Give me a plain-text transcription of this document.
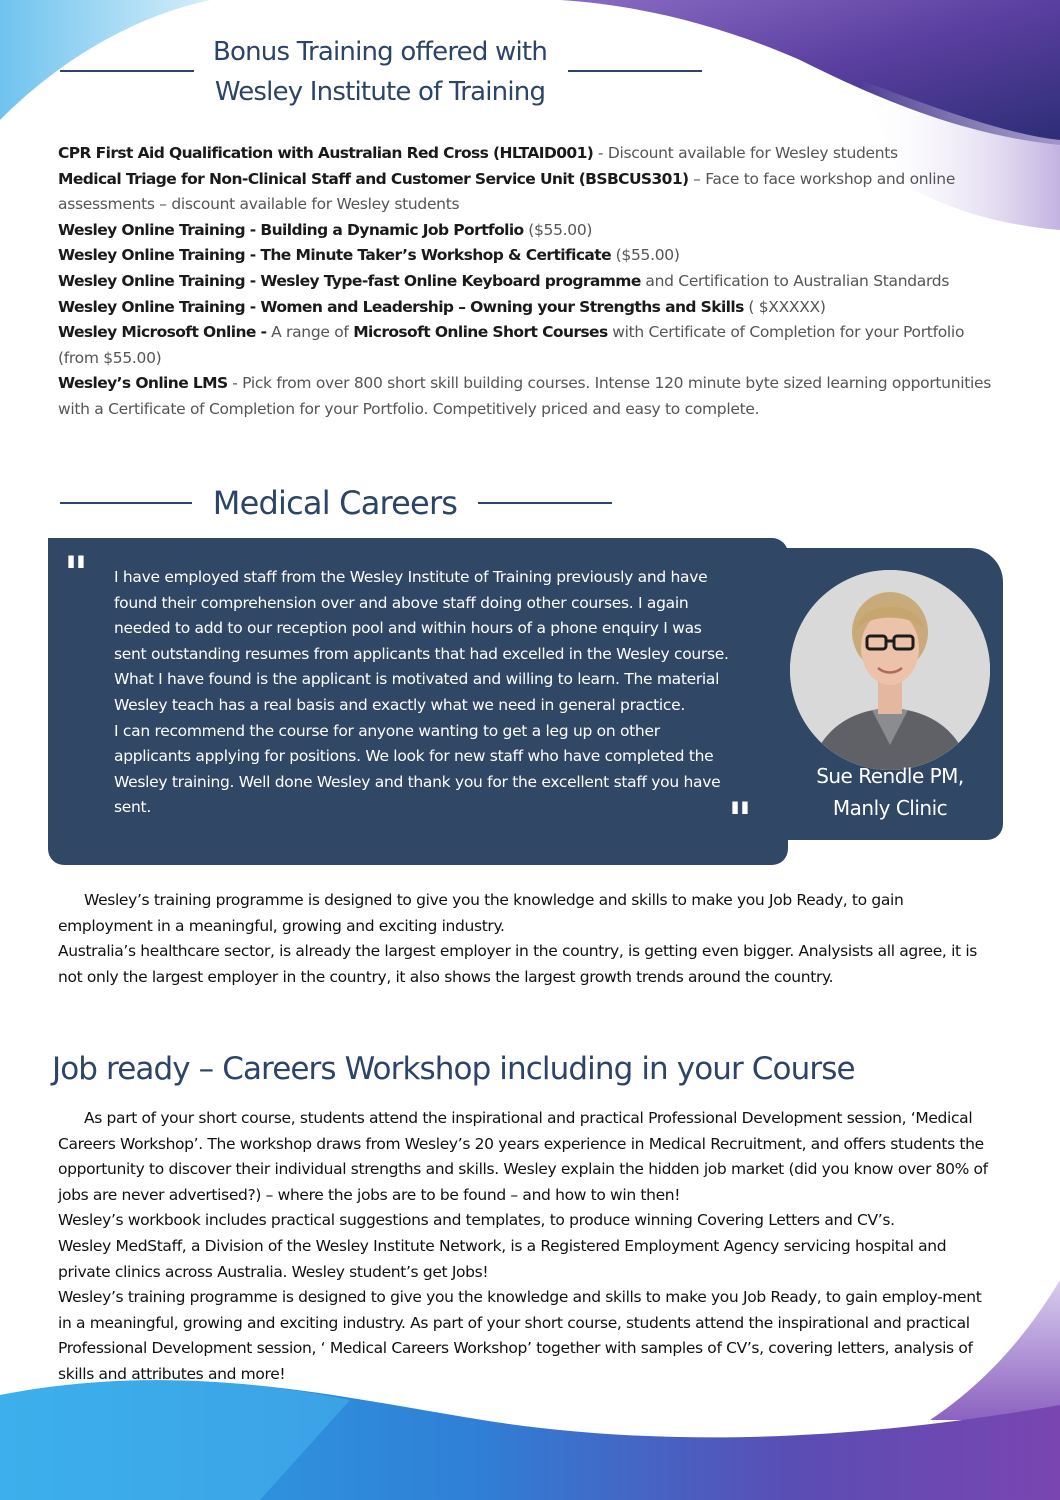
Bonus Training offered with
Wesley Institute of Training

CPR First Aid Qualification with Australian Red Cross (HLTAID001) - Discount available for Wesley students

Medical Triage for Non-Clinical Staff and Customer Service Unit (BSBCUS301) – Face to face workshop and online assessments – discount available for Wesley students

Wesley Online Training - Building a Dynamic Job Portfolio ($55.00)

Wesley Online Training - The Minute Taker’s Workshop & Certificate ($55.00)

Wesley Online Training - Wesley Type-fast Online Keyboard programme and Certification to Australian Standards

Wesley Online Training - Women and Leadership – Owning your Strengths and Skills ( $XXXXX)

Wesley Microsoft Online - A range of Microsoft Online Short Courses with Certificate of Completion for your Portfolio (from $55.00)

Wesley’s Online LMS - Pick from over 800 short skill building courses. Intense 120 minute byte sized learning opportunities with a Certificate of Completion for your Portfolio. Competitively priced and easy to complete.

Medical Careers
" I have employed staff from the Wesley Institute of Training previously and have found their comprehension over and above staff doing other courses. I again needed to add to our reception pool and within hours of a phone enquiry I was sent outstanding resumes from applicants that had excelled in the Wesley course. What I have found is the applicant is motivated and willing to learn. The material Wesley teach has a real basis and exactly what we need in general practice.

I can recommend the course for anyone wanting to get a leg up on other applicants applying for positions. We look for new staff who have completed the Wesley training. Well done Wesley and thank you for the excellent staff you have sent.	"
Sue Rendle PM,
Manly Clinic

Wesley’s training programme is designed to give you the knowledge and skills to make you Job Ready, to gain employment in a meaningful, growing and exciting industry.

Australia’s healthcare sector, is already the largest employer in the country, is getting even bigger. Analysists all agree, it is not only the largest employer in the country, it also shows the largest growth trends around the country.

Job ready – Careers Workshop including in your Course

As part of your short course, students attend the inspirational and practical Professional Development session, ‘Medical Careers Workshop’. The workshop draws from Wesley’s 20 years experience in Medical Recruitment, and offers students the opportunity to discover their individual strengths and skills. Wesley explain the hidden job market (did you know over 80% of jobs are never advertised?) – where the jobs are to be found – and how to win then!

Wesley’s workbook includes practical suggestions and templates, to produce winning Covering Letters and CV’s.

Wesley MedStaff, a Division of the Wesley Institute Network, is a Registered Employment Agency servicing hospital and private clinics across Australia. Wesley student’s get Jobs!

Wesley’s training programme is designed to give you the knowledge and skills to make you Job Ready, to gain employ-ment in a meaningful, growing and exciting industry. As part of your short course, students attend the inspirational and practical Professional Development session, ‘ Medical Careers Workshop’ together with samples of CV’s, covering letters, analysis of skills and attributes and more!
